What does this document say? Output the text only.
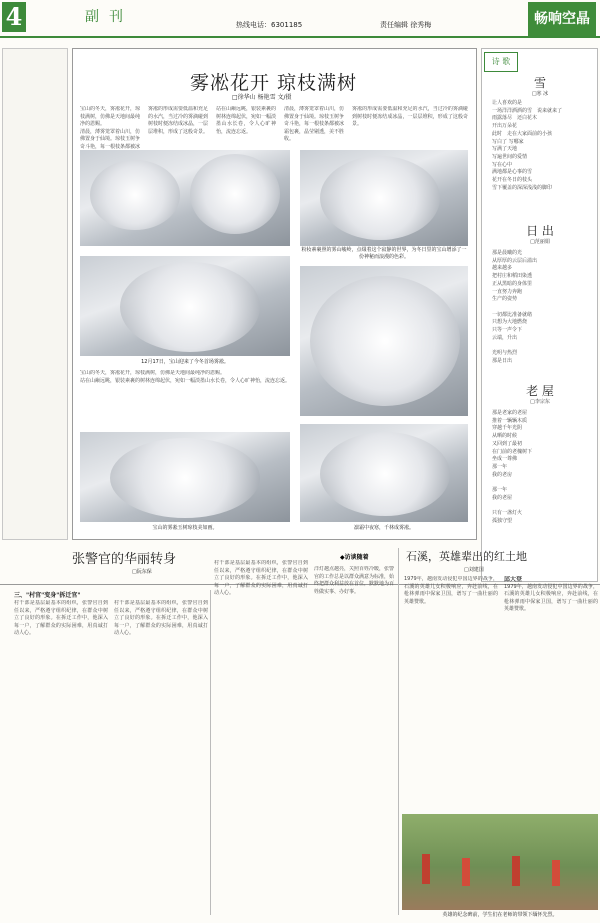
4	副刊	热线电话：6301185	责任编辑 徐秀梅	畅响空晶
雾凇花开 琼枝满树
□徐华山 杨艳雪 文/摄
宝山的冬天，雾凇花开，琼枝满树，仿佛是天地间最纯净的恩赐。
清晨，薄雾笼罩着山川，仿佛置身于仙境。琼枝玉树争奇斗艳，每一根枝条都被冰
雾凇的形成需要低温和充足的水汽，当过冷的雾滴碰到树枝时便冻结成冰晶，一层层堆积，形成了这般奇景。
站在山巅远眺，银装素裹的树林连绵起伏，宛如一幅淡墨山水长卷，令人心旷神怡，流连忘返。
清晨，薄雾笼罩着山川，仿佛置身于仙境。琼枝玉树争奇斗艳，每一根枝条都被冰霜包裹，晶莹剔透，美不胜收。
雾凇的形成需要低温和充足的水汽，当过冷的雾滴碰到树枝时便冻结成冰晶，一层层堆积，形成了这般奇景。
粉妆素裹照的雾山峻岭，点缀着这个寂静的世界，为冬日里的宝山增添了一份神秘而浪漫的色彩。
12月17日，宝山迎来了今冬首场雾凇。
宝山的冬天，雾凇花开，琼枝满树，仿佛是天地间最纯净的恩赐。
站在山巅远眺，银装素裹的树林连绵起伏，宛如一幅淡墨山水长卷，令人心旷神怡，流连忘返。
宝山的雾凇玉树琼枝美如画。	凛霜中夜寒，千林成雾凇。
诗 歌
雪
□寒 冰
让人喜欢的是
一场洋洋洒洒的雪　说来就来了
雨露落尽　还白花木
开出万朵花
此时　走在大家面前的小孩
写白了 写哪家
写满了天地
写遍世间的爱情
写在心中
满地都是心事的雪
花开在冬日的枝头
雪下覆盖的深深浅浅的脚印
日 出
□范丽娟
那是晨曦的光
从厚厚的云层后溢出
越来越多
把村庄和稻田染透
正从黑暗的身体里
一直努力奔跑
生产的姿势

一切都比准备就绪
只想为大地燃烧
只等一声令下
云端，升出

光明与热烈
那是日出
老 屋
□李宗东
那是老家的老屋
推着一辆辆木质
穿越千年光阴
从晒的时候
又回到了最初
在门前的老槐树下
坐成一尊佛
那一年
我的老房

那一年
我的老屋

只有一盏灯火
孤独守望
张警官的华丽转身
□阮东保
三、"村官"变身"拆迁官"
村干部是基层最基本的组织，张警官自到任以来，严格遵守组织纪律，在群众中树立了良好的形象。在拆迁工作中，他深入每一户，了解群众的实际困难，用真诚打动人心。
村干部是基层最基本的组织，张警官自到任以来，严格遵守组织纪律，在群众中树立了良好的形象。在拆迁工作中，他深入每一户，了解群众的实际困难，用真诚打动人心。
村干部是基层最基本的组织，张警官自到任以来，严格遵守组织纪律，在群众中树立了良好的形象。在拆迁工作中，他深入每一户，了解群众的实际困难，用真诚打动人心。
◆访谈随着
洋灯越点越亮，关照百姓冷暖，张警官的工作总是以群众满意为标准，始终把群众利益放在首位，默默地为百姓做实事、办好事。
石溪，英雄辈出的红土地
□刘建国
1979年，越南发动侵犯中国边界的战争，石溪的英雄儿女积极响应，奔赴前线，在枪林弹雨中保家卫国，谱写了一曲壮丽的英雄赞歌。
邱大登
1979年，越南发动侵犯中国边界的战争，石溪的英雄儿女积极响应，奔赴前线，在枪林弹雨中保家卫国，谱写了一曲壮丽的英雄赞歌。
英雄的纪念碑前，学生们在老师的带领下缅怀先烈。
